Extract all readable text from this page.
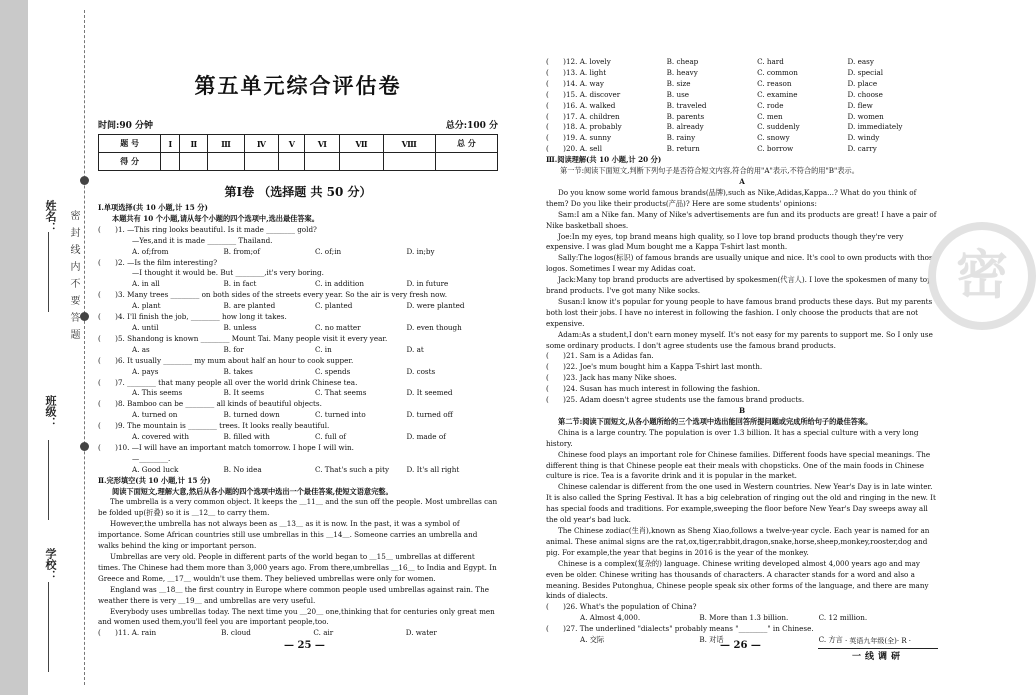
姓名：
班级：
学校：
密封线内不要答题
第五单元综合评估卷
时间:90 分钟	总分:100 分
题 号	Ⅰ	Ⅱ	Ⅲ	Ⅳ	Ⅴ	Ⅵ	Ⅶ	Ⅷ	总 分
得 分									
第Ⅰ卷 （选择题 共 50 分）
Ⅰ.单项选择(共 10 小题,计 15 分)
本题共有 10 个小题,请从每个小题的四个选项中,选出最佳答案。
(　　)1. —This ring looks beautiful. Is it made ________ gold?
—Yes,and it is made ________ Thailand.
A. of;from	B. from;of	C. of;in	D. in;by
(　　)2. —Is the film interesting?
—I thought it would be. But ________,it's very boring.
A. in all	B. in fact	C. in addition	D. in future
(　　)3. Many trees ________ on both sides of the streets every year. So the air is very fresh now.
A. plant	B. are planted	C. planted	D. were planted
(　　)4. I'll finish the job, ________ how long it takes.
A. until	B. unless	C. no matter	D. even though
(　　)5. Shandong is known ________ Mount Tai. Many people visit it every year.
A. as	B. for	C. in	D. at
(　　)6. It usually ________ my mum about half an hour to cook supper.
A. pays	B. takes	C. spends	D. costs
(　　)7. ________ that many people all over the world drink Chinese tea.
A. This seems	B. It seems	C. That seems	D. It seemed
(　　)8. Bamboo can be ________ all kinds of beautiful objects.
A. turned on	B. turned down	C. turned into	D. turned off
(　　)9. The mountain is ________ trees. It looks really beautiful.
A. covered with	B. filled with	C. full of	D. made of
(　　)10. —I will have an important match tomorrow. I hope I will win.
—________.
A. Good luck	B. No idea	C. That's such a pity	D. It's all right
Ⅱ.完形填空(共 10 小题,计 15 分)
阅读下面短文,理解大意,然后从各小题的四个选项中选出一个最佳答案,使短文语意完整。
The umbrella is a very common object. It keeps the ＿11＿ and the sun off the people. Most umbrellas can be folded up(折叠) so it is ＿12＿ to carry them.
However,the umbrella has not always been as ＿13＿ as it is now. In the past, it was a symbol of importance. Some African countries still use umbrellas in this ＿14＿. Someone carries an umbrella and walks behind the king or important person.
Umbrellas are very old. People in different parts of the world began to ＿15＿ umbrellas at different times. The Chinese had them more than 3,000 years ago. From there,umbrellas ＿16＿ to India and Egypt. In Greece and Rome, ＿17＿ wouldn't use them. They believed umbrellas were only for women.
England was ＿18＿ the first country in Europe where common people used umbrellas against rain. The weather there is very ＿19＿ and umbrellas are very useful.
Everybody uses umbrellas today. The next time you ＿20＿ one,thinking that for centuries only great men and women used them,you'll feel you are important people,too.
(　　)11. A. rain	B. cloud	C. air	D. water
— 25 —
(　　)12. A. lovely	B. cheap	C. hard	D. easy
(　　)13. A. light	B. heavy	C. common	D. special
(　　)14. A. way	B. size	C. reason	D. place
(　　)15. A. discover	B. use	C. examine	D. choose
(　　)16. A. walked	B. traveled	C. rode	D. flew
(　　)17. A. children	B. parents	C. men	D. women
(　　)18. A. probably	B. already	C. suddenly	D. immediately
(　　)19. A. sunny	B. rainy	C. snowy	D. windy
(　　)20. A. sell	B. return	C. borrow	D. carry
Ⅲ.阅读理解(共 10 小题,计 20 分)
第一节:阅读下面短文,判断下列句子是否符合短文内容,符合的用"A"表示,不符合的用"B"表示。
A
Do you know some world famous brands(品牌),such as Nike,Adidas,Kappa...? What do you think of them? Do you like their products(产品)? Here are some students' opinions:
Sam:I am a Nike fan. Many of Nike's advertisements are fun and its products are great! I have a pair of Nike basketball shoes.
Joe:In my eyes, top brand means high quality, so I love top brand products though they're very expensive. I was glad Mum bought me a Kappa T-shirt last month.
Sally:The logos(标识) of famous brands are usually unique and nice. It's cool to own products with those logos. Sometimes I wear my Adidas coat.
Jack:Many top brand products are advertised by spokesmen(代言人). I love the spokesmen of many top brand products. I've got many Nike socks.
Susan:I know it's popular for young people to have famous brand products these days. But my parents both lost their jobs. I have no interest in following the fashion. I only choose the products that are not expensive.
Adam:As a student,I don't earn money myself. It's not easy for my parents to support me. So I only use some ordinary products. I don't agree students use the famous brand products.
(　　)21. Sam is a Adidas fan.
(　　)22. Joe's mum bought him a Kappa T-shirt last month.
(　　)23. Jack has many Nike shoes.
(　　)24. Susan has much interest in following the fashion.
(　　)25. Adam doesn't agree students use the famous brand products.
B
第二节:阅读下面短文,从各小题所给的三个选项中选出能回答所提问题或完成所给句子的最佳答案。
China is a large country. The population is over 1.3 billion. It has a special culture with a very long history.
Chinese food plays an important role for Chinese families. Different foods have special meanings. The different thing is that Chinese people eat their meals with chopsticks. One of the main foods in Chinese culture is rice. Tea is a favorite drink and it is popular in the market.
Chinese calendar is different from the one used in Western countries. New Year's Day is in late winter. It is also called the Spring Festival. It has a big celebration of ringing out the old and ringing in the new. It has special foods and traditions. For example,sweeping the floor before New Year's Day sweeps away all the old year's bad luck.
The Chinese zodiac(生肖),known as Sheng Xiao,follows a twelve-year cycle. Each year is named for an animal. These animal signs are the rat,ox,tiger,rabbit,dragon,snake,horse,sheep,monkey,rooster,dog and pig. For example,the year that begins in 2016 is the year of the monkey.
Chinese is a complex(复杂的) language. Chinese writing developed almost 4,000 years ago and may even be older. Chinese writing has thousands of characters. A character stands for a word and also a meaning. Besides Putonghua, Chinese people speak six other forms of the language, and there are many kinds of dialects.
(　　)26. What's the population of China?
A. Almost 4,000.	B. More than 1.3 billion.	C. 12 million.
(　　)27. The underlined "dialects" probably means "________" in Chinese.
A. 交际	B. 对话	C. 方言
— 26 —
密
· 英语九年级(全)· R ·
一线调研
